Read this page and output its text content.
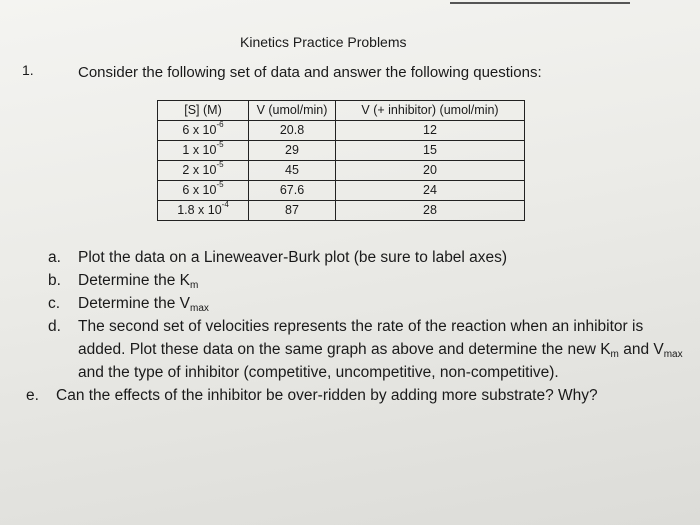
Kinetics Practice Problems
1.	Consider the following set of data and answer the following questions:
[S] (M)	V (umol/min)	V (+ inhibitor) (umol/min)
6 x $10^{-6}$	20.8	12
1 x $10^{-5}$	29	15
2 x $10^{-5}$	45	20
6 x $10^{-5}$	67.6	24
1.8 x $10^{-4}$	87	28
a. Plot the data on a Lineweaver-Burk plot (be sure to label axes)
b. Determine the $K_m$
c. Determine the $V_{max}$
d. The second set of velocities represents the rate of the reaction when an inhibitor is added. Plot these data on the same graph as above and determine the new $K_m$ and $V_{max}$ and the type of inhibitor (competitive, uncompetitive, non-competitive).
e. Can the effects of the inhibitor be over-ridden by adding more substrate? Why?
